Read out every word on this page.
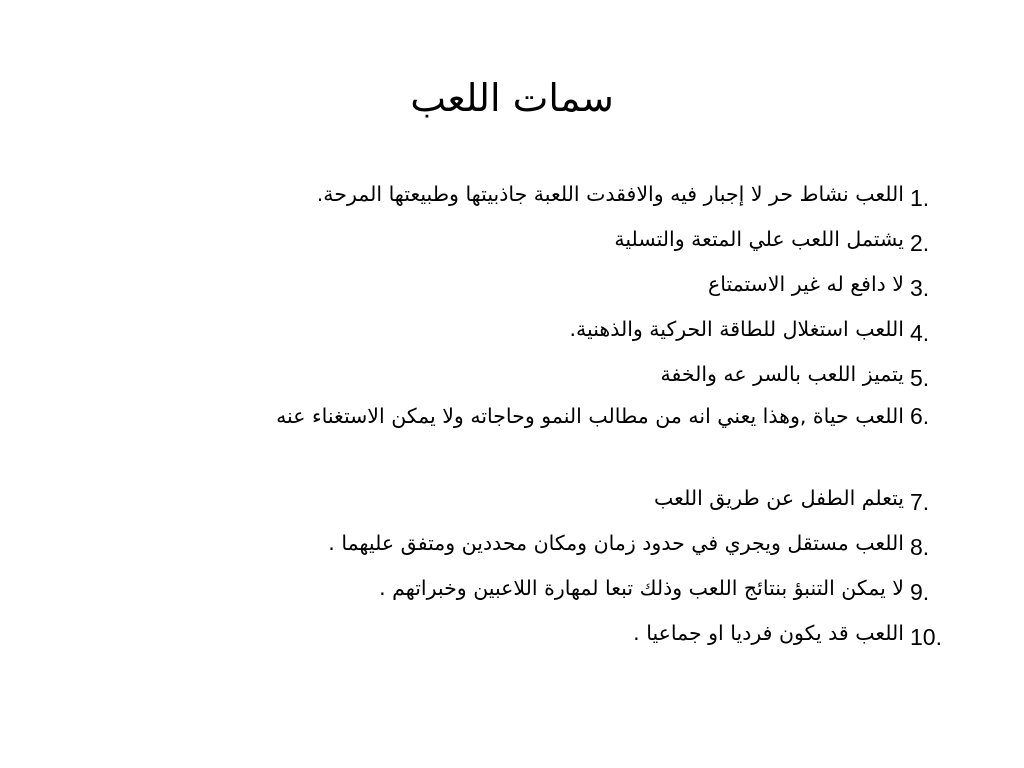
سمات اللعب
1.
اللعب نشاط حر لا إجبار فيه والافقدت اللعبة جاذبيتها وطبيعتها المرحة.
2.
يشتمل اللعب علي المتعة والتسلية
3.
لا دافع له غير الاستمتاع
4.
اللعب استغلال للطاقة الحركية والذهنية.
5.
يتميز اللعب بالسر عه والخفة
6.
اللعب حياة ,وهذا يعني انه من مطالب النمو وحاجاته ولا يمكن الاستغناء عنه
7.
يتعلم الطفل عن طريق اللعب
8.
اللعب مستقل ويجري في حدود زمان ومكان محددين ومتفق عليهما .
9.
لا يمكن التنبؤ بنتائج اللعب وذلك تبعا لمهارة اللاعبين وخبراتهم .
10.
اللعب قد يكون فرديا او جماعيا .
